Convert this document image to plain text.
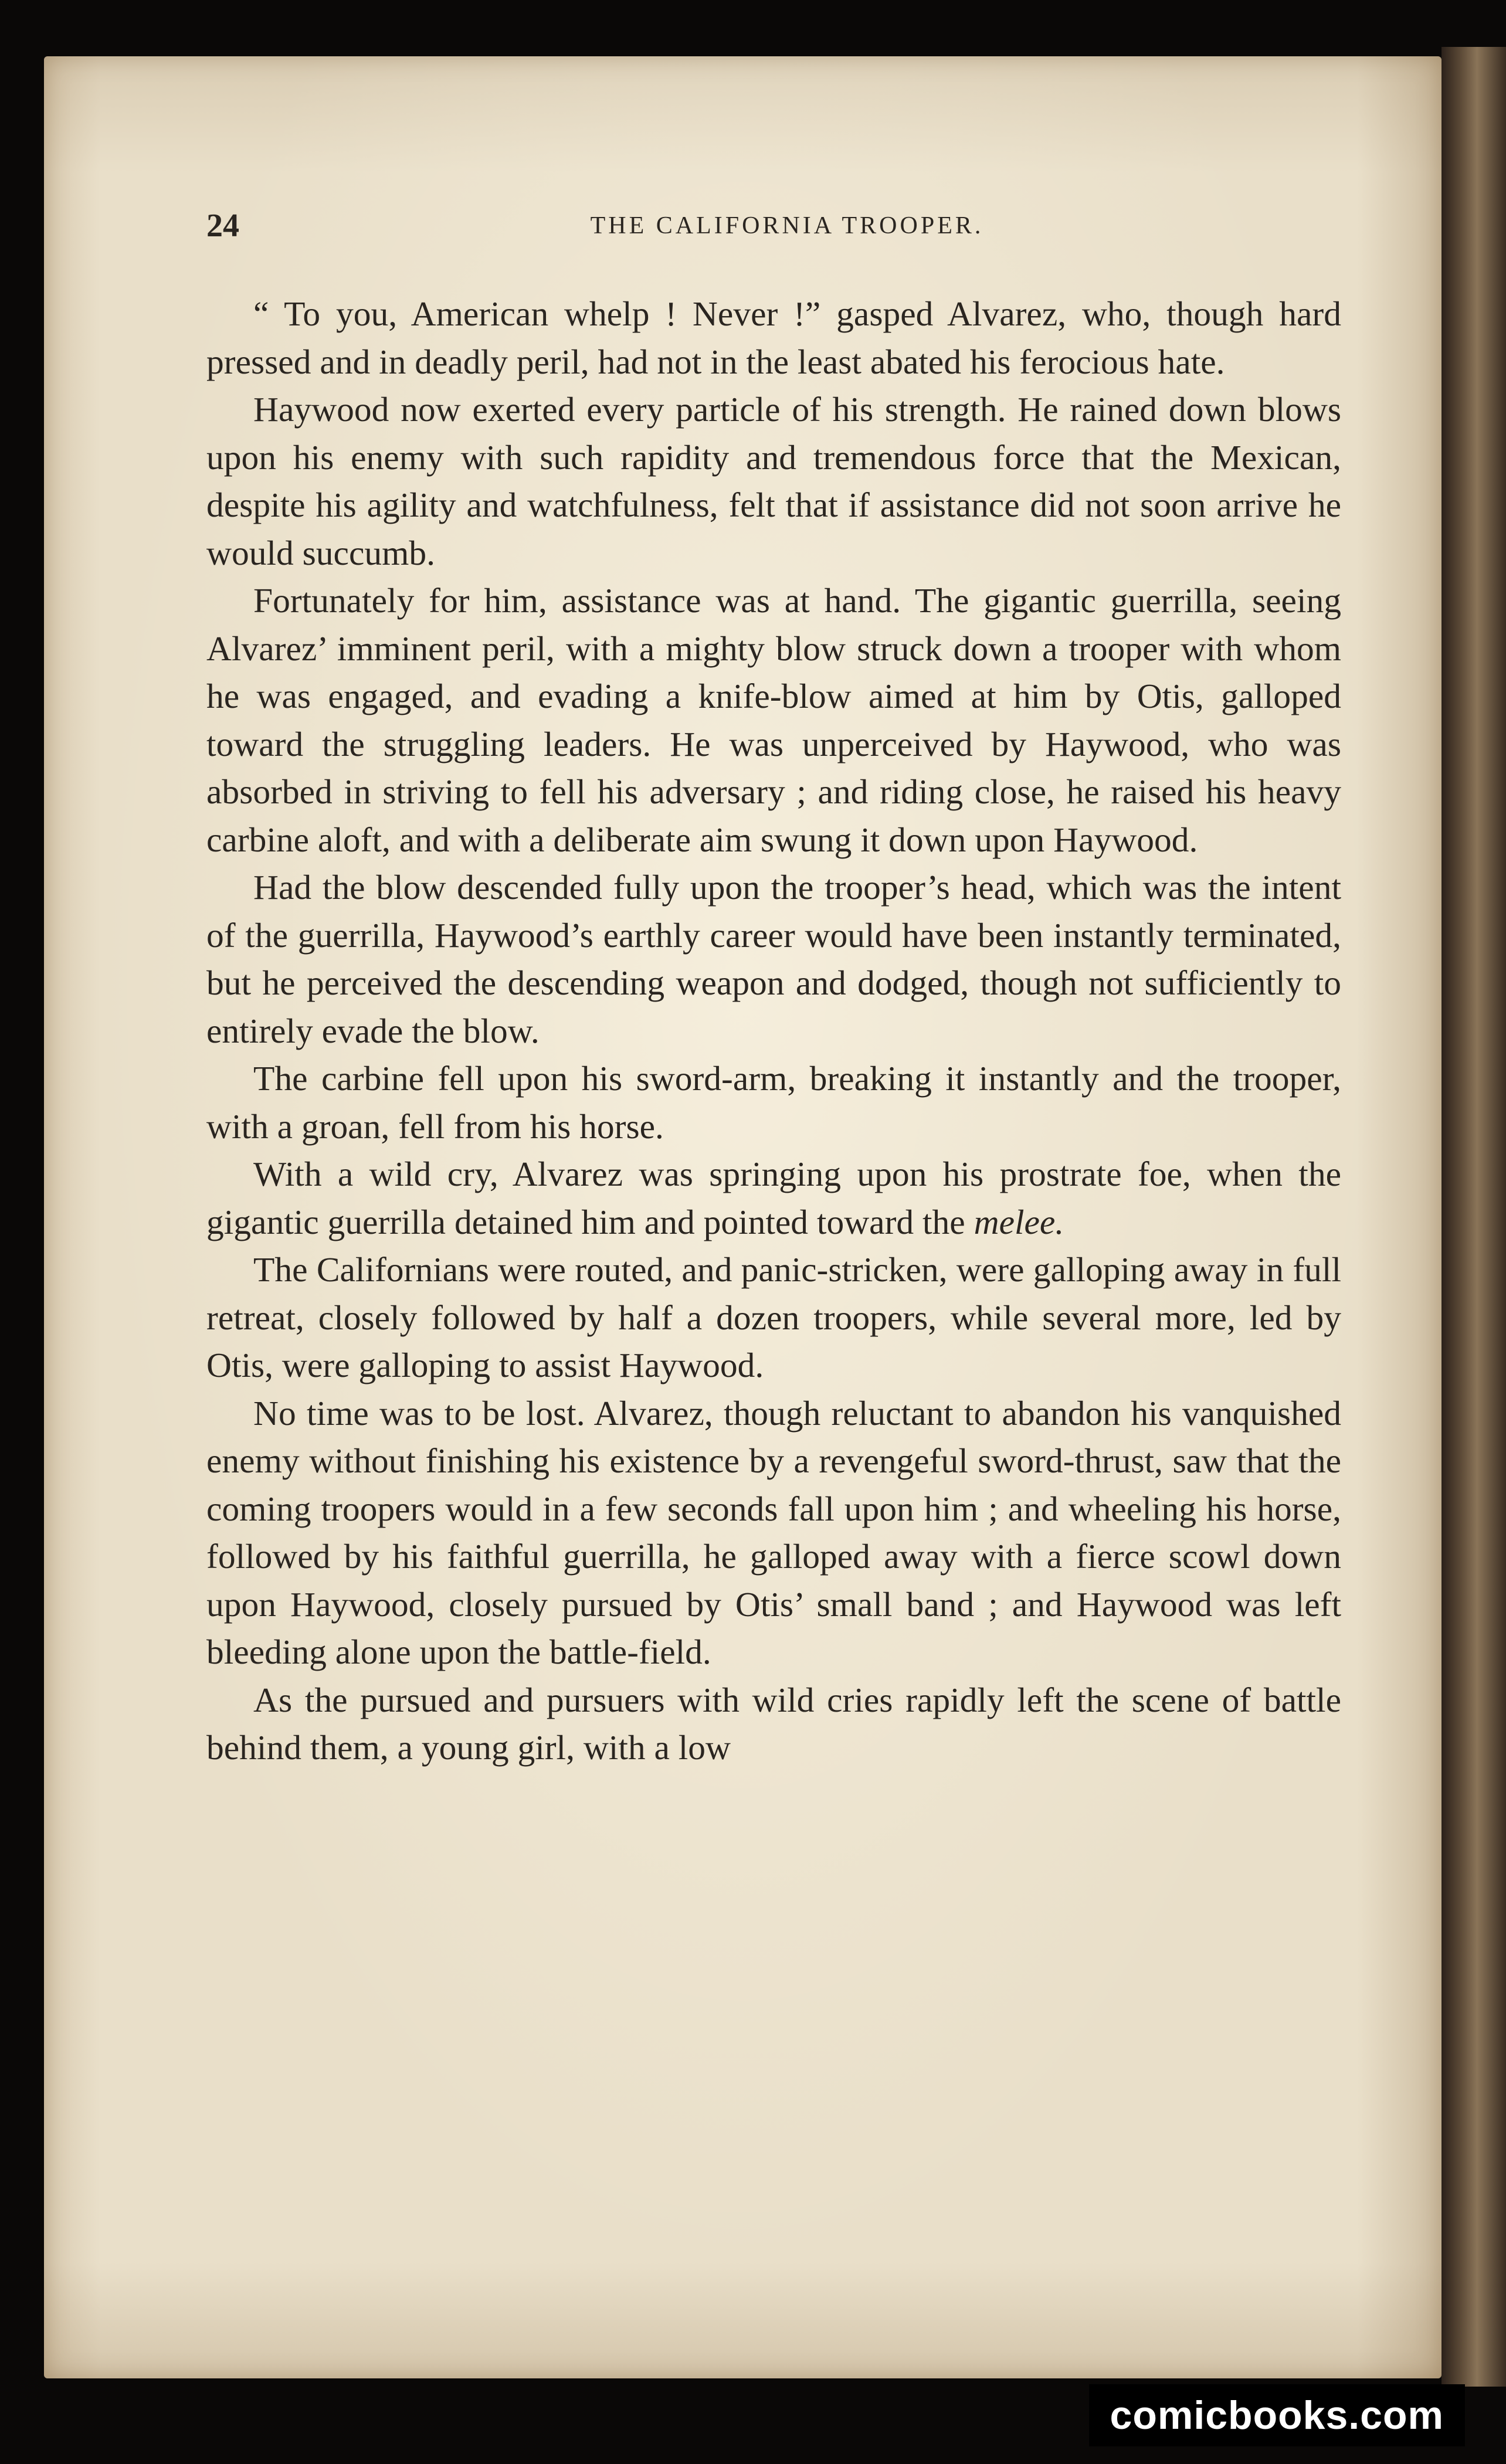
24	THE CALIFORNIA TROOPER.

“ To you, American whelp ! Never !” gasped Alvarez, who, though hard pressed and in deadly peril, had not in the least abated his ferocious hate.

Haywood now exerted every particle of his strength. He rained down blows upon his enemy with such rapidity and tremendous force that the Mexican, despite his agility and watchfulness, felt that if assistance did not soon arrive he would succumb.

Fortunately for him, assistance was at hand. The gigantic guerrilla, seeing Alvarez’ imminent peril, with a mighty blow struck down a trooper with whom he was engaged, and evading a knife-blow aimed at him by Otis, galloped toward the struggling leaders. He was unperceived by Haywood, who was absorbed in striving to fell his adversary ; and riding close, he raised his heavy carbine aloft, and with a deliberate aim swung it down upon Haywood.

Had the blow descended fully upon the trooper’s head, which was the intent of the guerrilla, Haywood’s earthly career would have been instantly terminated, but he perceived the descending weapon and dodged, though not sufficiently to entirely evade the blow.

The carbine fell upon his sword-arm, breaking it instantly and the trooper, with a groan, fell from his horse.

With a wild cry, Alvarez was springing upon his prostrate foe, when the gigantic guerrilla detained him and pointed toward the melee.

The Californians were routed, and panic-stricken, were galloping away in full retreat, closely followed by half a dozen troopers, while several more, led by Otis, were galloping to assist Haywood.

No time was to be lost. Alvarez, though reluctant to abandon his vanquished enemy without finishing his existence by a revengeful sword-thrust, saw that the coming troopers would in a few seconds fall upon him ; and wheeling his horse, followed by his faithful guerrilla, he galloped away with a fierce scowl down upon Haywood, closely pursued by Otis’ small band ; and Haywood was left bleeding alone upon the battle-field.

As the pursued and pursuers with wild cries rapidly left the scene of battle behind them, a young girl, with a low

comicbooks.com
